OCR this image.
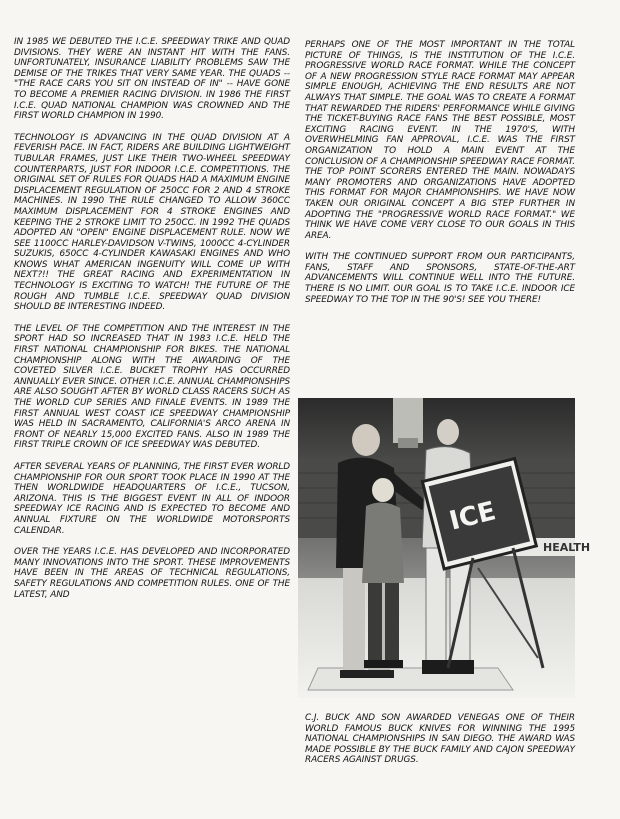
IN 1985 WE DEBUTED THE I.C.E. SPEEDWAY TRIKE AND QUAD DIVISIONS. THEY WERE AN INSTANT HIT WITH THE FANS. UNFORTUNATELY, INSURANCE LIABILITY PROBLEMS SAW THE DEMISE OF THE TRIKES THAT VERY SAME YEAR. THE QUADS -- "THE RACE CARS YOU SIT ON INSTEAD OF IN" -- HAVE GONE TO BECOME A PREMIER RACING DIVISION. IN 1986 THE FIRST I.C.E. QUAD NATIONAL CHAMPION WAS CROWNED AND THE FIRST WORLD CHAMPION IN 1990.

TECHNOLOGY IS ADVANCING IN THE QUAD DIVISION AT A FEVERISH PACE. IN FACT, RIDERS ARE BUILDING LIGHTWEIGHT TUBULAR FRAMES, JUST LIKE THEIR TWO-WHEEL SPEEDWAY COUNTERPARTS, JUST FOR INDOOR I.C.E. COMPETITIONS. THE ORIGINAL SET OF RULES FOR QUADS HAD A MAXIMUM ENGINE DISPLACEMENT REGULATION OF 250CC FOR 2 AND 4 STROKE MACHINES. IN 1990 THE RULE CHANGED TO ALLOW 360CC MAXIMUM DISPLACEMENT FOR 4 STROKE ENGINES AND KEEPING THE 2 STROKE LIMIT TO 250CC. IN 1992 THE QUADS ADOPTED AN "OPEN" ENGINE DISPLACEMENT RULE. NOW WE SEE 1100CC HARLEY-DAVIDSON V-TWINS, 1000CC 4-CYLINDER SUZUKIS, 650CC 4-CYLINDER KAWASAKI ENGINES AND WHO KNOWS WHAT AMERICAN INGENUITY WILL COME UP WITH NEXT?!! THE GREAT RACING AND EXPERIMENTATION IN TECHNOLOGY IS EXCITING TO WATCH! THE FUTURE OF THE ROUGH AND TUMBLE I.C.E. SPEEDWAY QUAD DIVISION SHOULD BE INTERESTING INDEED.

THE LEVEL OF THE COMPETITION AND THE INTEREST IN THE SPORT HAD SO INCREASED THAT IN 1983 I.C.E. HELD THE FIRST NATIONAL CHAMPIONSHIP FOR BIKES. THE NATIONAL CHAMPIONSHIP ALONG WITH THE AWARDING OF THE COVETED SILVER I.C.E. BUCKET TROPHY HAS OCCURRED ANNUALLY EVER SINCE. OTHER I.C.E. ANNUAL CHAMPIONSHIPS ARE ALSO SOUGHT AFTER BY WORLD CLASS RACERS SUCH AS THE WORLD CUP SERIES AND FINALE EVENTS. IN 1989 THE FIRST ANNUAL WEST COAST ICE SPEEDWAY CHAMPIONSHIP WAS HELD IN SACRAMENTO, CALIFORNIA'S ARCO ARENA IN FRONT OF NEARLY 15,000 EXCITED FANS. ALSO IN 1989 THE FIRST TRIPLE CROWN OF ICE SPEEDWAY WAS DEBUTED.

AFTER SEVERAL YEARS OF PLANNING, THE FIRST EVER WORLD CHAMPIONSHIP FOR OUR SPORT TOOK PLACE IN 1990 AT THE THEN WORLDWIDE HEADQUARTERS OF I.C.E., TUCSON, ARIZONA. THIS IS THE BIGGEST EVENT IN ALL OF INDOOR SPEEDWAY ICE RACING AND IS EXPECTED TO BECOME AND ANNUAL FIXTURE ON THE WORLDWIDE MOTORSPORTS CALENDAR.

OVER THE YEARS I.C.E. HAS DEVELOPED AND INCORPORATED MANY INNOVATIONS INTO THE SPORT. THESE IMPROVEMENTS HAVE BEEN IN THE AREAS OF TECHNICAL REGULATIONS, SAFETY REGULATIONS AND COMPETITION RULES. ONE OF THE LATEST, AND

PERHAPS ONE OF THE MOST IMPORTANT IN THE TOTAL PICTURE OF THINGS, IS THE INSTITUTION OF THE I.C.E. PROGRESSIVE WORLD RACE FORMAT. WHILE THE CONCEPT OF A NEW PROGRESSION STYLE RACE FORMAT MAY APPEAR SIMPLE ENOUGH, ACHIEVING THE END RESULTS ARE NOT ALWAYS THAT SIMPLE. THE GOAL WAS TO CREATE A FORMAT THAT REWARDED THE RIDERS' PERFORMANCE WHILE GIVING THE TICKET-BUYING RACE FANS THE BEST POSSIBLE, MOST EXCITING RACING EVENT. IN THE 1970'S, WITH OVERWHELMING FAN APPROVAL, I.C.E. WAS THE FIRST ORGANIZATION TO HOLD A MAIN EVENT AT THE CONCLUSION OF A CHAMPIONSHIP SPEEDWAY RACE FORMAT. THE TOP POINT SCORERS ENTERED THE MAIN. NOWADAYS MANY PROMOTERS AND ORGANIZATIONS HAVE ADOPTED THIS FORMAT FOR MAJOR CHAMPIONSHIPS. WE HAVE NOW TAKEN OUR ORIGINAL CONCEPT A BIG STEP FURTHER IN ADOPTING THE "PROGRESSIVE WORLD RACE FORMAT." WE THINK WE HAVE COME VERY CLOSE TO OUR GOALS IN THIS AREA.

WITH THE CONTINUED SUPPORT FROM OUR PARTICIPANTS, FANS, STAFF AND SPONSORS, STATE-OF-THE-ART ADVANCEMENTS WILL CONTINUE WELL INTO THE FUTURE. THERE IS NO LIMIT. OUR GOAL IS TO TAKE I.C.E. INDOOR ICE SPEEDWAY TO THE TOP IN THE 90'S! SEE YOU THERE!

HEALTH
ICE

C.J. BUCK AND SON AWARDED VENEGAS ONE OF THEIR WORLD FAMOUS BUCK KNIVES FOR WINNING THE 1995 NATIONAL CHAMPIONSHIPS IN SAN DIEGO. THE AWARD WAS MADE POSSIBLE BY THE BUCK FAMILY AND CAJON SPEEDWAY RACERS AGAINST DRUGS.
